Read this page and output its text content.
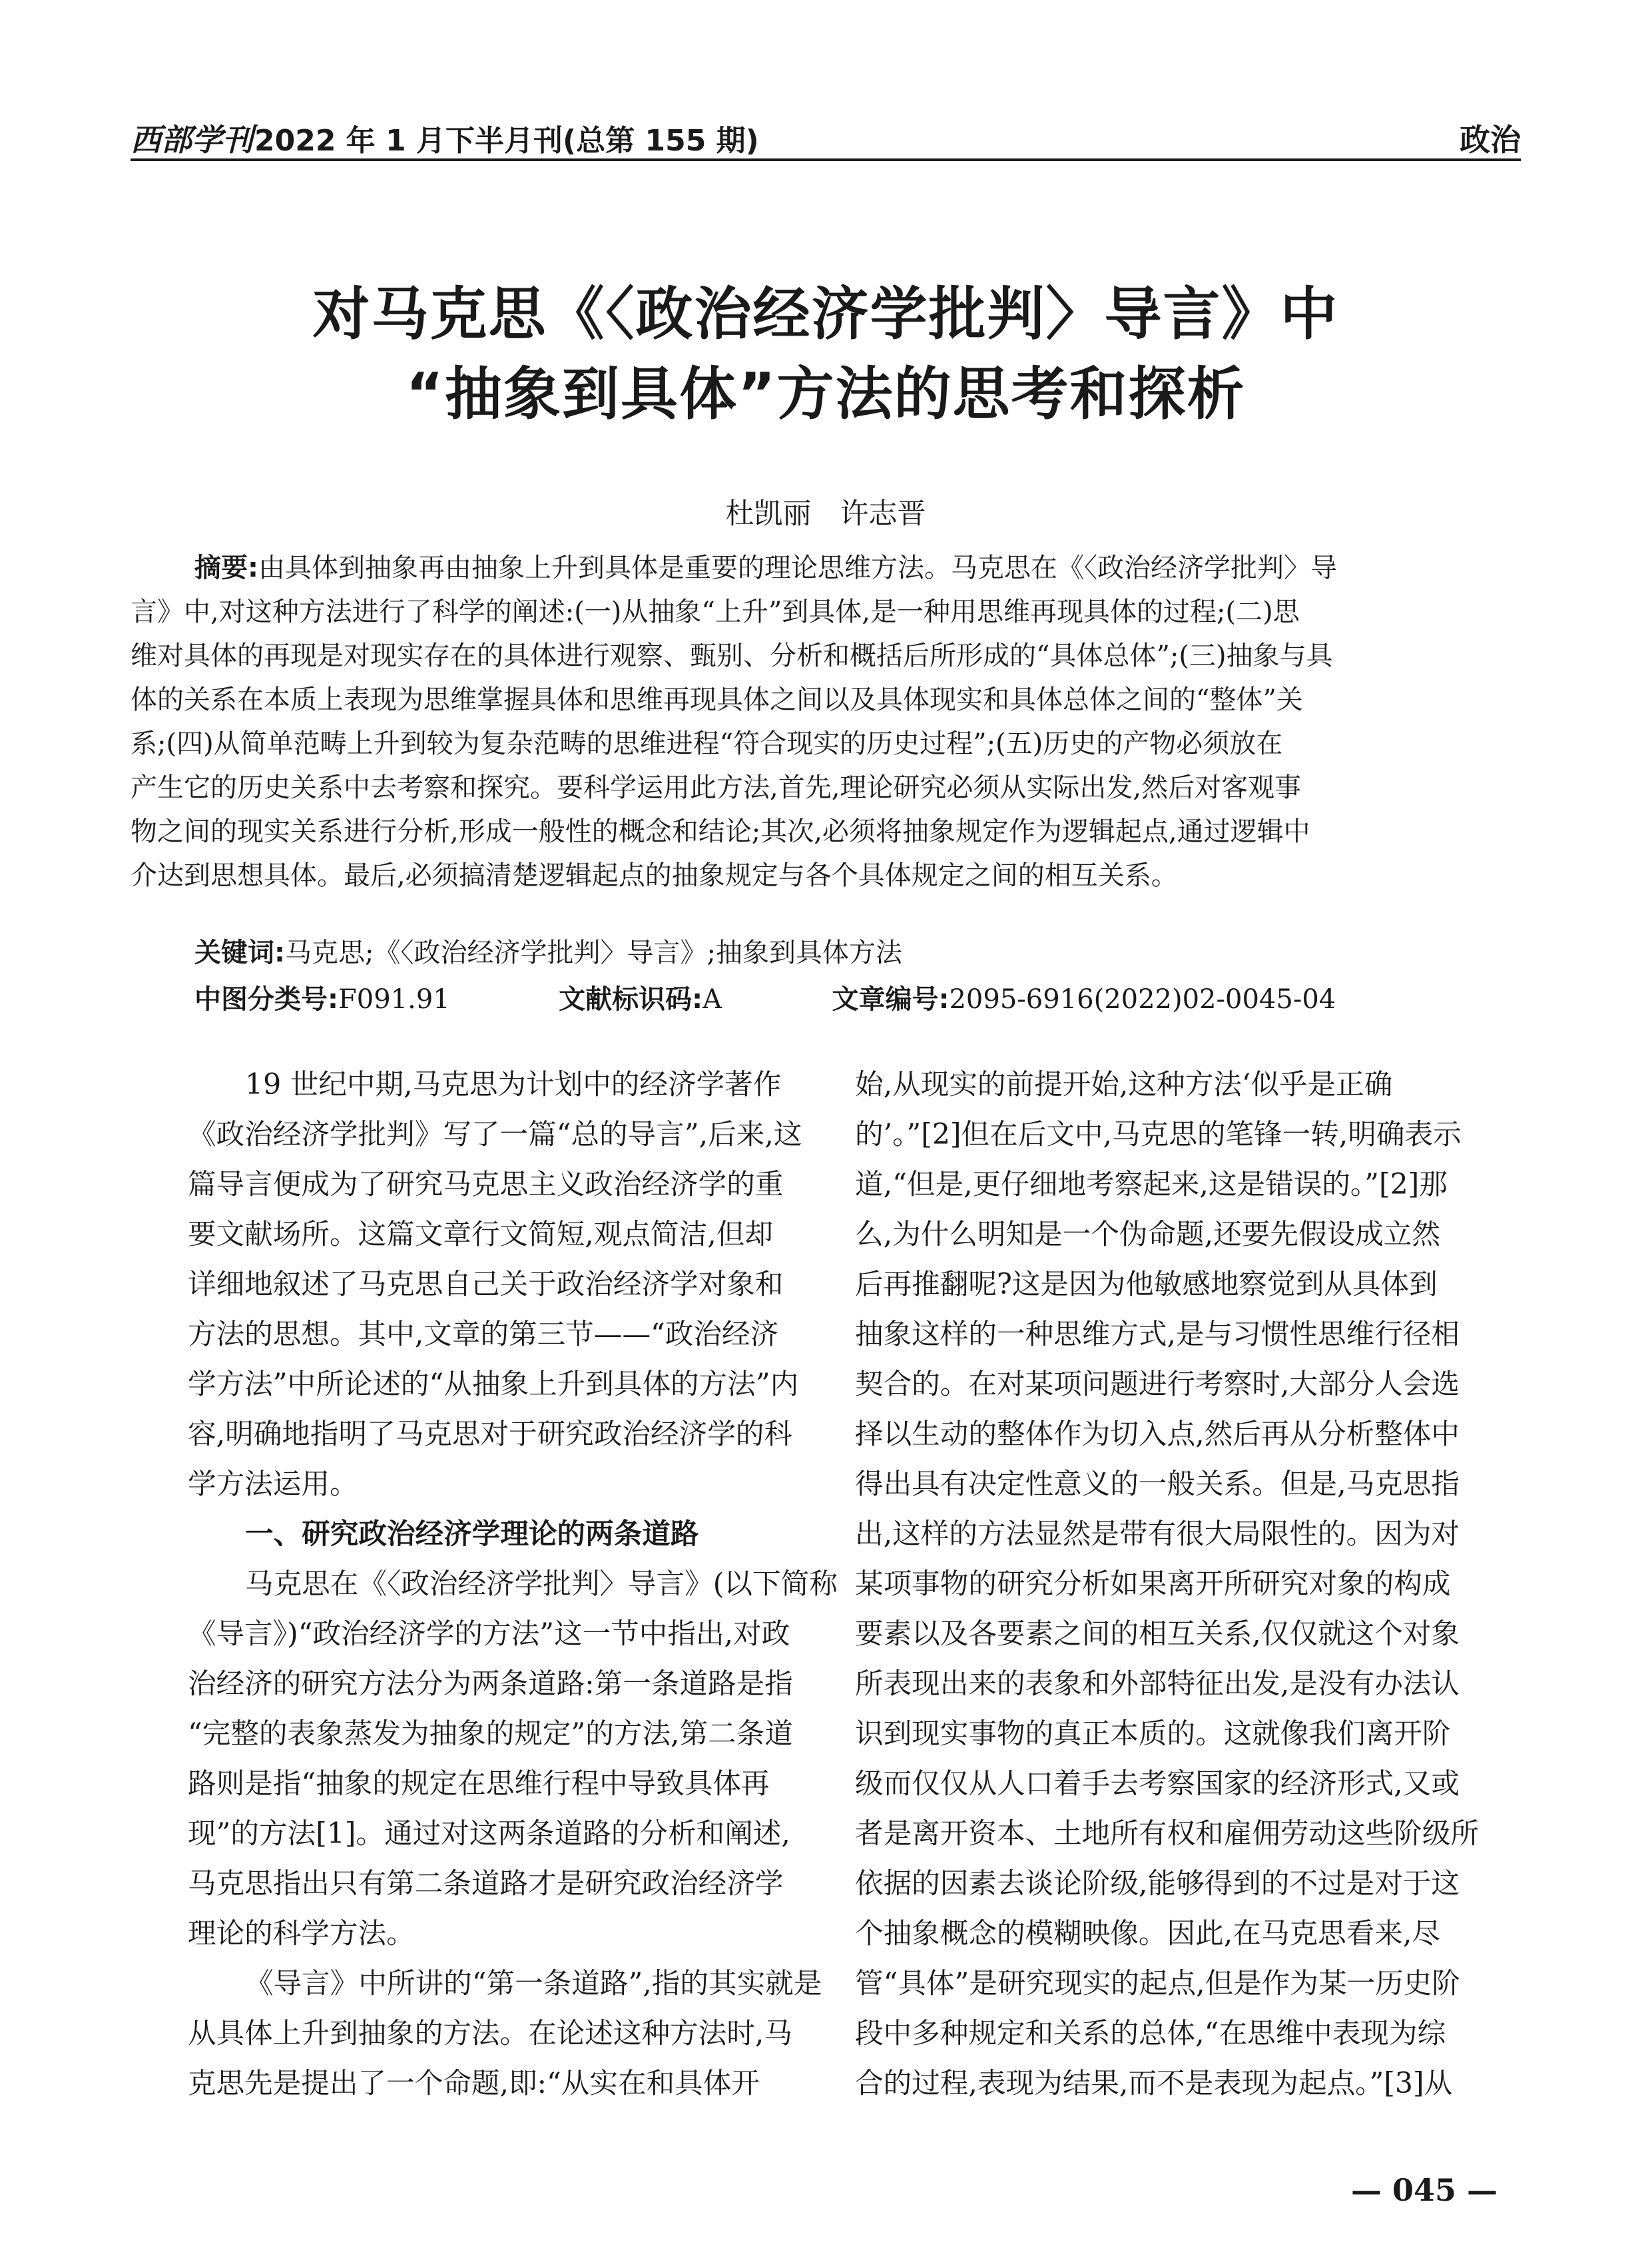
西部学刊2022 年 1 月下半月刊(总第 155 期)	政治
对马克思《〈政治经济学批判〉导言》中
“抽象到具体”方法的思考和探析
杜凯丽　许志晋
摘要:由具体到抽象再由抽象上升到具体是重要的理论思维方法。马克思在《〈政治经济学批判〉导
言》中,对这种方法进行了科学的阐述:(一)从抽象“上升”到具体,是一种用思维再现具体的过程;(二)思
维对具体的再现是对现实存在的具体进行观察、甄别、分析和概括后所形成的“具体总体”;(三)抽象与具
体的关系在本质上表现为思维掌握具体和思维再现具体之间以及具体现实和具体总体之间的“整体”关
系;(四)从简单范畴上升到较为复杂范畴的思维进程“符合现实的历史过程”;(五)历史的产物必须放在
产生它的历史关系中去考察和探究。要科学运用此方法,首先,理论研究必须从实际出发,然后对客观事
物之间的现实关系进行分析,形成一般性的概念和结论;其次,必须将抽象规定作为逻辑起点,通过逻辑中
介达到思想具体。最后,必须搞清楚逻辑起点的抽象规定与各个具体规定之间的相互关系。
关键词:马克思;《〈政治经济学批判〉导言》;抽象到具体方法
中图分类号:F091.91	文献标识码:A	文章编号:2095-6916(2022)02-0045-04
19 世纪中期,马克思为计划中的经济学著作
《政治经济学批判》写了一篇“总的导言”,后来,这
篇导言便成为了研究马克思主义政治经济学的重
要文献场所。这篇文章行文简短,观点简洁,但却
详细地叙述了马克思自己关于政治经济学对象和
方法的思想。其中,文章的第三节——“政治经济
学方法”中所论述的“从抽象上升到具体的方法”内
容,明确地指明了马克思对于研究政治经济学的科
学方法运用。
一、研究政治经济学理论的两条道路
马克思在《〈政治经济学批判〉导言》(以下简称
《导言》)“政治经济学的方法”这一节中指出,对政
治经济的研究方法分为两条道路:第一条道路是指
“完整的表象蒸发为抽象的规定”的方法,第二条道
路则是指“抽象的规定在思维行程中导致具体再
现”的方法[1]。通过对这两条道路的分析和阐述,
马克思指出只有第二条道路才是研究政治经济学
理论的科学方法。
《导言》中所讲的“第一条道路”,指的其实就是
从具体上升到抽象的方法。在论述这种方法时,马
克思先是提出了一个命题,即:“从实在和具体开
始,从现实的前提开始,这种方法‘似乎是正确
的’。”[2]但在后文中,马克思的笔锋一转,明确表示
道,“但是,更仔细地考察起来,这是错误的。”[2]那
么,为什么明知是一个伪命题,还要先假设成立然
后再推翻呢?这是因为他敏感地察觉到从具体到
抽象这样的一种思维方式,是与习惯性思维行径相
契合的。在对某项问题进行考察时,大部分人会选
择以生动的整体作为切入点,然后再从分析整体中
得出具有决定性意义的一般关系。但是,马克思指
出,这样的方法显然是带有很大局限性的。因为对
某项事物的研究分析如果离开所研究对象的构成
要素以及各要素之间的相互关系,仅仅就这个对象
所表现出来的表象和外部特征出发,是没有办法认
识到现实事物的真正本质的。这就像我们离开阶
级而仅仅从人口着手去考察国家的经济形式,又或
者是离开资本、土地所有权和雇佣劳动这些阶级所
依据的因素去谈论阶级,能够得到的不过是对于这
个抽象概念的模糊映像。因此,在马克思看来,尽
管“具体”是研究现实的起点,但是作为某一历史阶
段中多种规定和关系的总体,“在思维中表现为综
合的过程,表现为结果,而不是表现为起点。”[3]从
— 045 —
